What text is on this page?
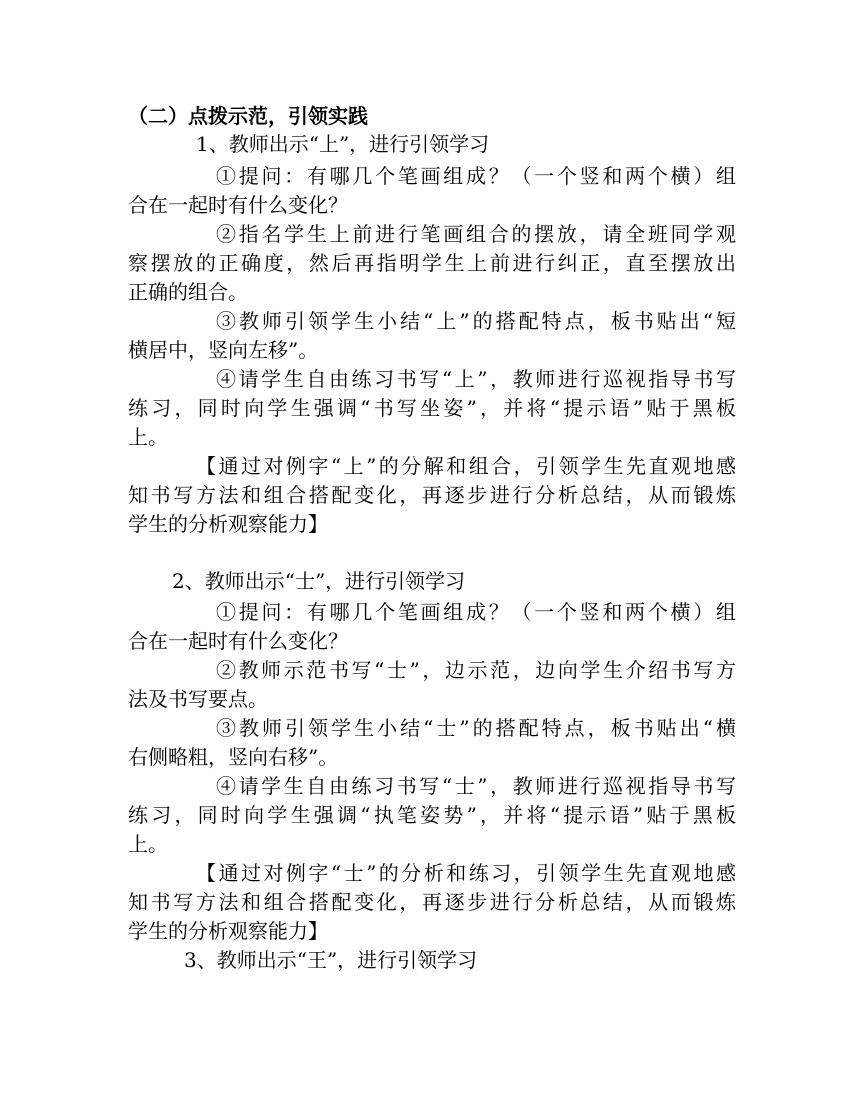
（二）点拨示范，引领实践
1、教师出示“上”，进行引领学习
①提问：有哪几个笔画组成？（一个竖和两个横）组
合在一起时有什么变化？
②指名学生上前进行笔画组合的摆放，请全班同学观
察摆放的正确度，然后再指明学生上前进行纠正，直至摆放出
正确的组合。
③教师引领学生小结“上”的搭配特点，板书贴出“短
横居中，竖向左移”。
④请学生自由练习书写“上”，教师进行巡视指导书写
练习，同时向学生强调“书写坐姿”，并将“提示语”贴于黑板
上。
【通过对例字“上”的分解和组合，引领学生先直观地感
知书写方法和组合搭配变化，再逐步进行分析总结，从而锻炼
学生的分析观察能力】
2、教师出示“士”，进行引领学习
①提问：有哪几个笔画组成？（一个竖和两个横）组
合在一起时有什么变化？
②教师示范书写“士”，边示范，边向学生介绍书写方
法及书写要点。
③教师引领学生小结“士”的搭配特点，板书贴出“横
右侧略粗，竖向右移”。
④请学生自由练习书写“士”，教师进行巡视指导书写
练习，同时向学生强调“执笔姿势”，并将“提示语”贴于黑板
上。
【通过对例字“士”的分析和练习，引领学生先直观地感
知书写方法和组合搭配变化，再逐步进行分析总结，从而锻炼
学生的分析观察能力】
3、教师出示“王”，进行引领学习
